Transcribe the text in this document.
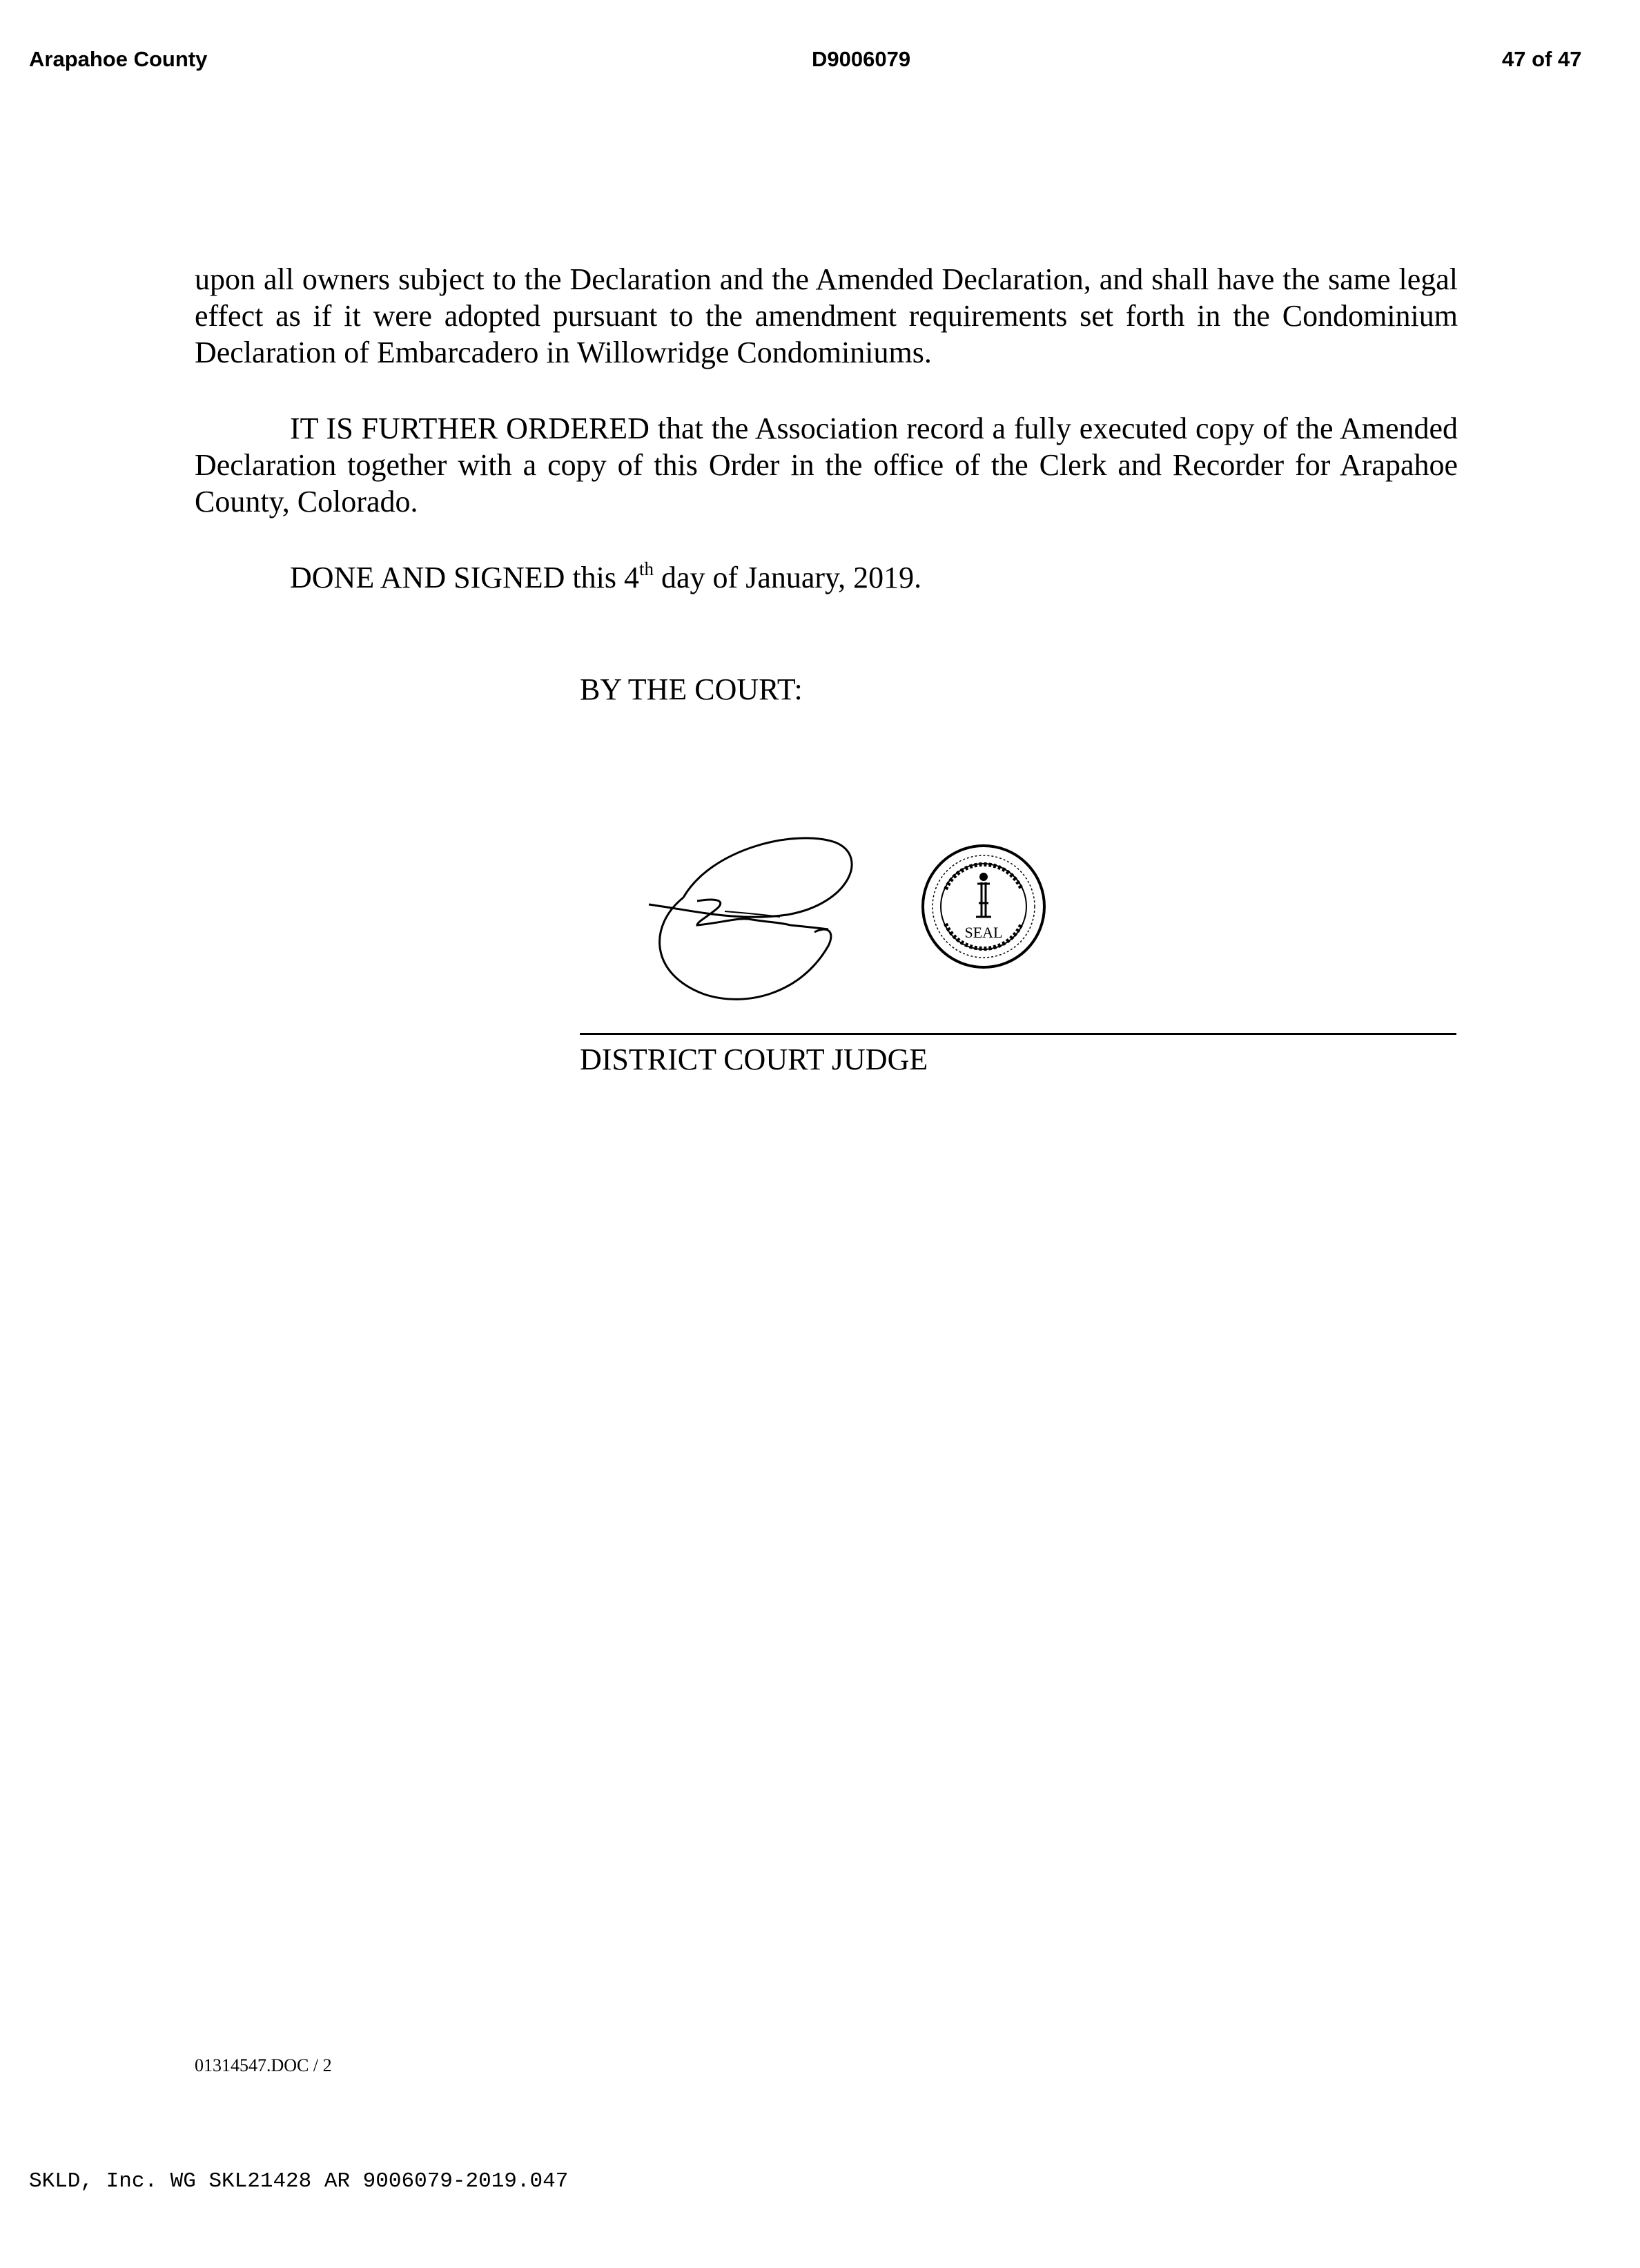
Arapahoe County	D9006079	47 of 47
upon all owners subject to the Declaration and the Amended Declaration, and shall have the same legal effect as if it were adopted pursuant to the amendment requirements set forth in the Condominium Declaration of Embarcadero in Willowridge Condominiums.
IT IS FURTHER ORDERED that the Association record a fully executed copy of the Amended Declaration together with a copy of this Order in the office of the Clerk and Recorder for Arapahoe County, Colorado.
DONE AND SIGNED this 4th day of January, 2019.
BY THE COURT:
SEAL
DISTRICT COURT JUDGE
01314547.DOC / 2
SKLD, Inc. WG SKL21428 AR 9006079-2019.047
